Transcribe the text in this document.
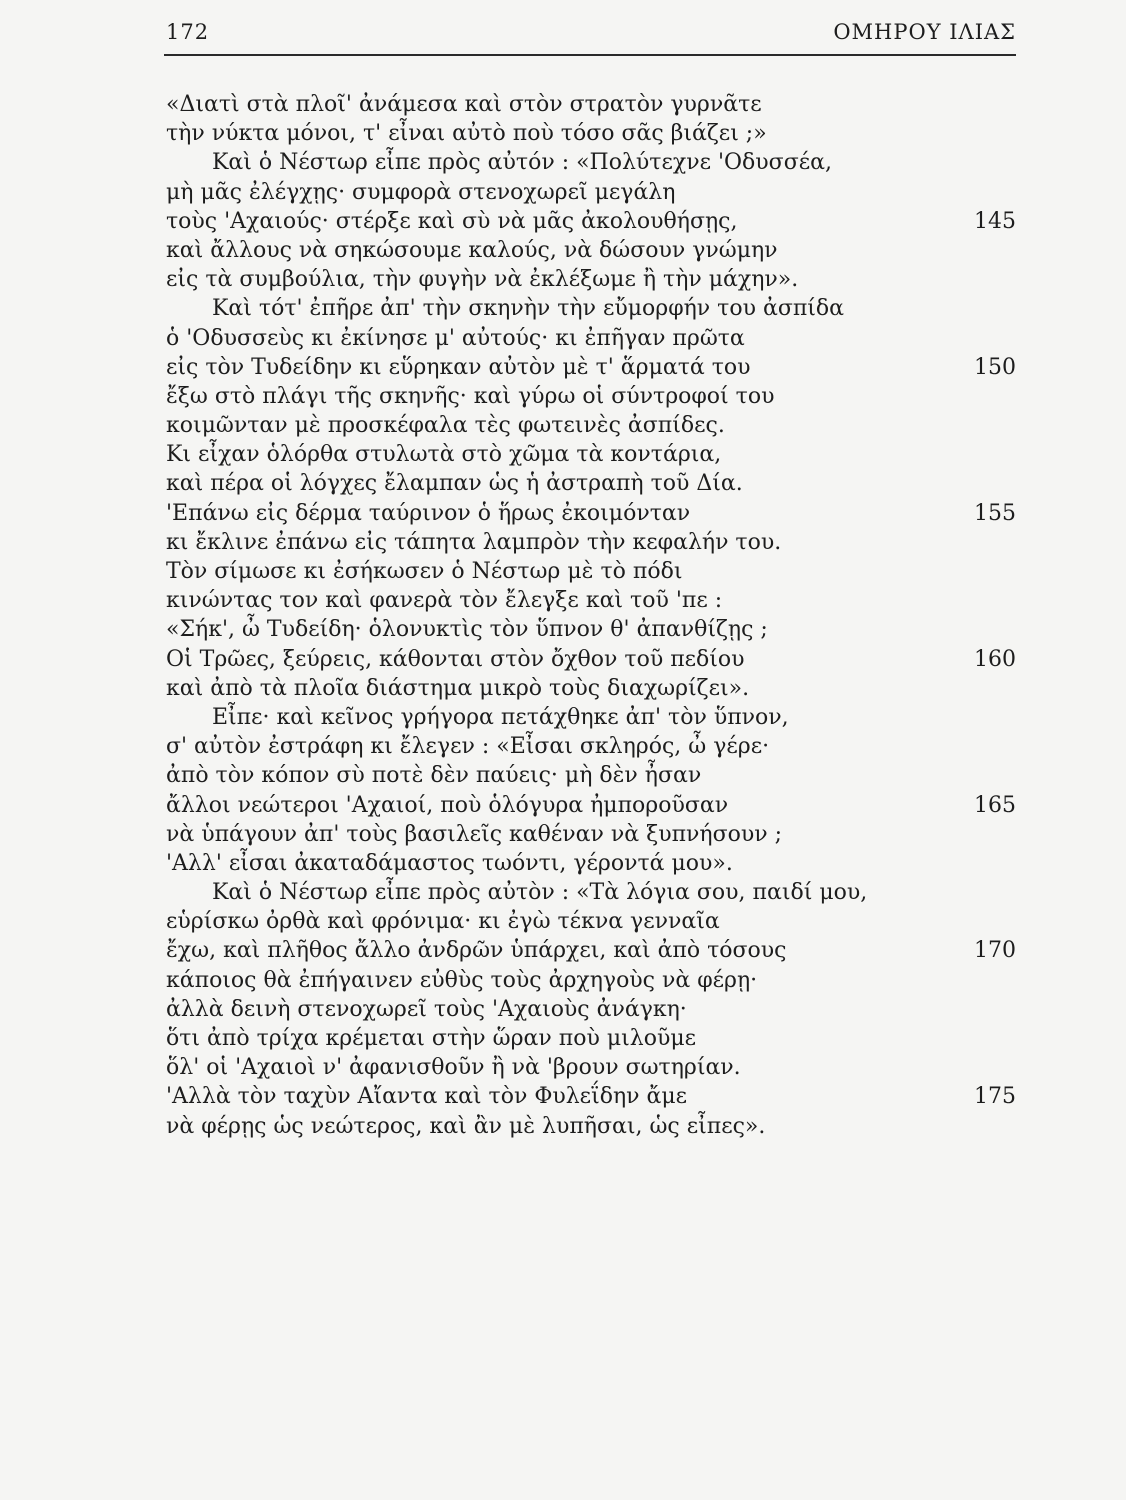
172	ΟΜΗΡΟΥ ΙΛΙΑΣ
«Διατὶ στὰ πλοῖ' ἀνάμεσα καὶ στὸν στρατὸν γυρνᾶτε
τὴν νύκτα μόνοι, τ' εἶναι αὐτὸ ποὺ τόσο σᾶς βιάζει ;»
Καὶ ὁ Νέστωρ εἶπε πρὸς αὐτόν : «Πολύτεχνε 'Οδυσσέα,
μὴ μᾶς ἐλέγχῃς· συμφορὰ στενοχωρεῖ μεγάλη
τοὺς 'Αχαιούς· στέρξε καὶ σὺ νὰ μᾶς ἀκολουθήσῃς,	145
καὶ ἄλλους νὰ σηκώσουμε καλούς, νὰ δώσουν γνώμην
εἰς τὰ συμβούλια, τὴν φυγὴν νὰ ἐκλέξωμε ἢ τὴν μάχην».
Καὶ τότ' ἐπῆρε ἀπ' τὴν σκηνὴν τὴν εὔμορφήν του ἀσπίδα
ὁ 'Οδυσσεὺς κι ἐκίνησε μ' αὐτούς· κι ἐπῆγαν πρῶτα
εἰς τὸν Τυδείδην κι εὕρηκαν αὐτὸν μὲ τ' ἅρματά του	150
ἔξω στὸ πλάγι τῆς σκηνῆς· καὶ γύρω οἱ σύντροφοί του
κοιμῶνταν μὲ προσκέφαλα τὲς φωτεινὲς ἀσπίδες.
Κι εἶχαν ὁλόρθα στυλωτὰ στὸ χῶμα τὰ κοντάρια,
καὶ πέρα οἱ λόγχες ἔλαμπαν ὡς ἡ ἀστραπὴ τοῦ Δία.
'Επάνω εἰς δέρμα ταύρινον ὁ ἥρως ἐκοιμόνταν	155
κι ἔκλινε ἐπάνω εἰς τάπητα λαμπρὸν τὴν κεφαλήν του.
Τὸν σίμωσε κι ἐσήκωσεν ὁ Νέστωρ μὲ τὸ πόδι
κινώντας τον καὶ φανερὰ τὸν ἔλεγξε καὶ τοῦ 'πε :
«Σήκ', ὦ Τυδείδη· ὁλονυκτὶς τὸν ὕπνον θ' ἀπανθίζῃς ;
Οἱ Τρῶες, ξεύρεις, κάθονται στὸν ὄχθον τοῦ πεδίου	160
καὶ ἀπὸ τὰ πλοῖα διάστημα μικρὸ τοὺς διαχωρίζει».
Εἶπε· καὶ κεῖνος γρήγορα πετάχθηκε ἀπ' τὸν ὕπνον,
σ' αὐτὸν ἐστράφη κι ἔλεγεν : «Εἶσαι σκληρός, ὦ γέρε·
ἀπὸ τὸν κόπον σὺ ποτὲ δὲν παύεις· μὴ δὲν ἦσαν
ἄλλοι νεώτεροι 'Αχαιοί, ποὺ ὁλόγυρα ἠμποροῦσαν	165
νὰ ὑπάγουν ἀπ' τοὺς βασιλεῖς καθέναν νὰ ξυπνήσουν ;
'Αλλ' εἶσαι ἀκαταδάμαστος τωόντι, γέροντά μου».
Καὶ ὁ Νέστωρ εἶπε πρὸς αὐτὸν : «Τὰ λόγια σου, παιδί μου,
εὑρίσκω ὀρθὰ καὶ φρόνιμα· κι ἐγὼ τέκνα γενναῖα
ἔχω, καὶ πλῆθος ἄλλο ἀνδρῶν ὑπάρχει, καὶ ἀπὸ τόσους	170
κάποιος θὰ ἐπήγαινεν εὐθὺς τοὺς ἀρχηγοὺς νὰ φέρῃ·
ἀλλὰ δεινὴ στενοχωρεῖ τοὺς 'Αχαιοὺς ἀνάγκη·
ὅτι ἀπὸ τρίχα κρέμεται στὴν ὥραν ποὺ μιλοῦμε
ὅλ' οἱ 'Αχαιοὶ ν' ἀφανισθοῦν ἢ νὰ 'βρουν σωτηρίαν.
'Αλλὰ τὸν ταχὺν Αἴαντα καὶ τὸν Φυλεΐδην ἄμε	175
νὰ φέρῃς ὡς νεώτερος, καὶ ἂν μὲ λυπῆσαι, ὡς εἶπες».
